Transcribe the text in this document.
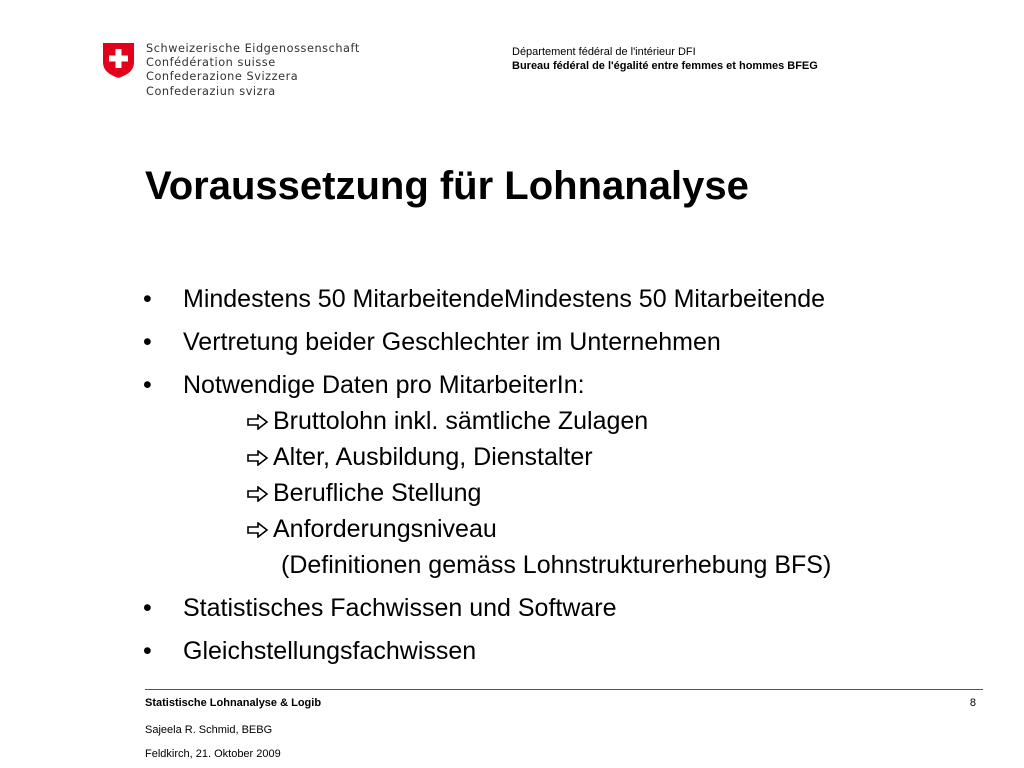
Schweizerische Eidgenossenschaft
Confédération suisse
Confederazione Svizzera
Confederaziun svizra
Département fédéral de l'intérieur DFI
Bureau fédéral de l'égalité entre femmes et hommes BFEG
Voraussetzung für Lohnanalyse
• Mindestens 50 MitarbeitendeMindestens 50 Mitarbeitende
• Vertretung beider Geschlechter im Unternehmen
• Notwendige Daten pro MitarbeiterIn:
Bruttolohn inkl. sämtliche Zulagen
Alter, Ausbildung, Dienstalter
Berufliche Stellung
Anforderungsniveau
(Definitionen gemäss Lohnstrukturerhebung BFS)
• Statistisches Fachwissen und Software
• Gleichstellungsfachwissen
Statistische Lohnanalyse & Logib
Sajeela R. Schmid, BEBG
Feldkirch, 21. Oktober 2009
8
